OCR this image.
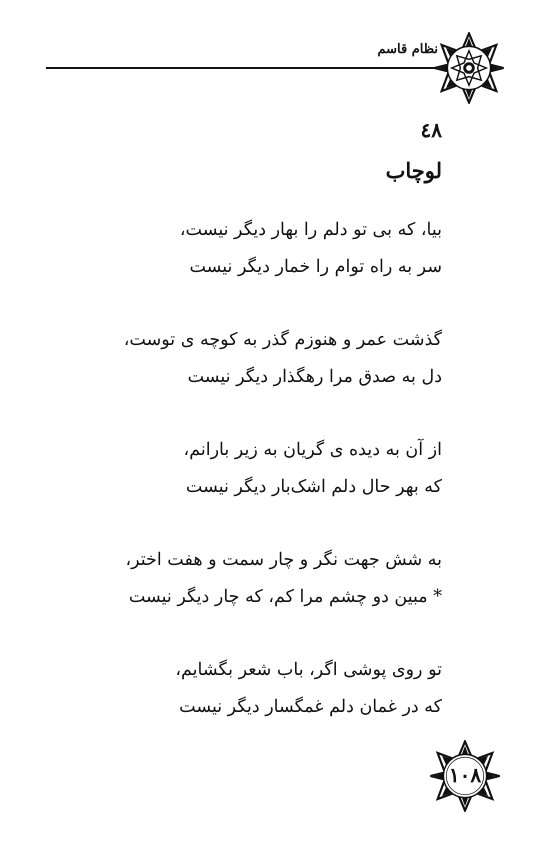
نظام قاسم
٤٨
لوچاب
بیا، که بی تو دلم را بهار دیگر نیست،
سر به راه توام را خمار دیگر نیست
گذشت عمر و هنوزم گذر به کوچه ی توست،
دل به صدق مرا رهگذار دیگر نیست
از آن به دیده ی گریان به زیر بارانم،
که بهر حال دلم اشک‌بار دیگر نیست
به شش جهت نگر و چار سمت و هفت اختر،
* مبین دو چشم مرا کم، که چار دیگر نیست
تو روی پوشی اگر، باب شعر بگشایم،
که در غمان دلم غمگسار دیگر نیست
١٠٨
